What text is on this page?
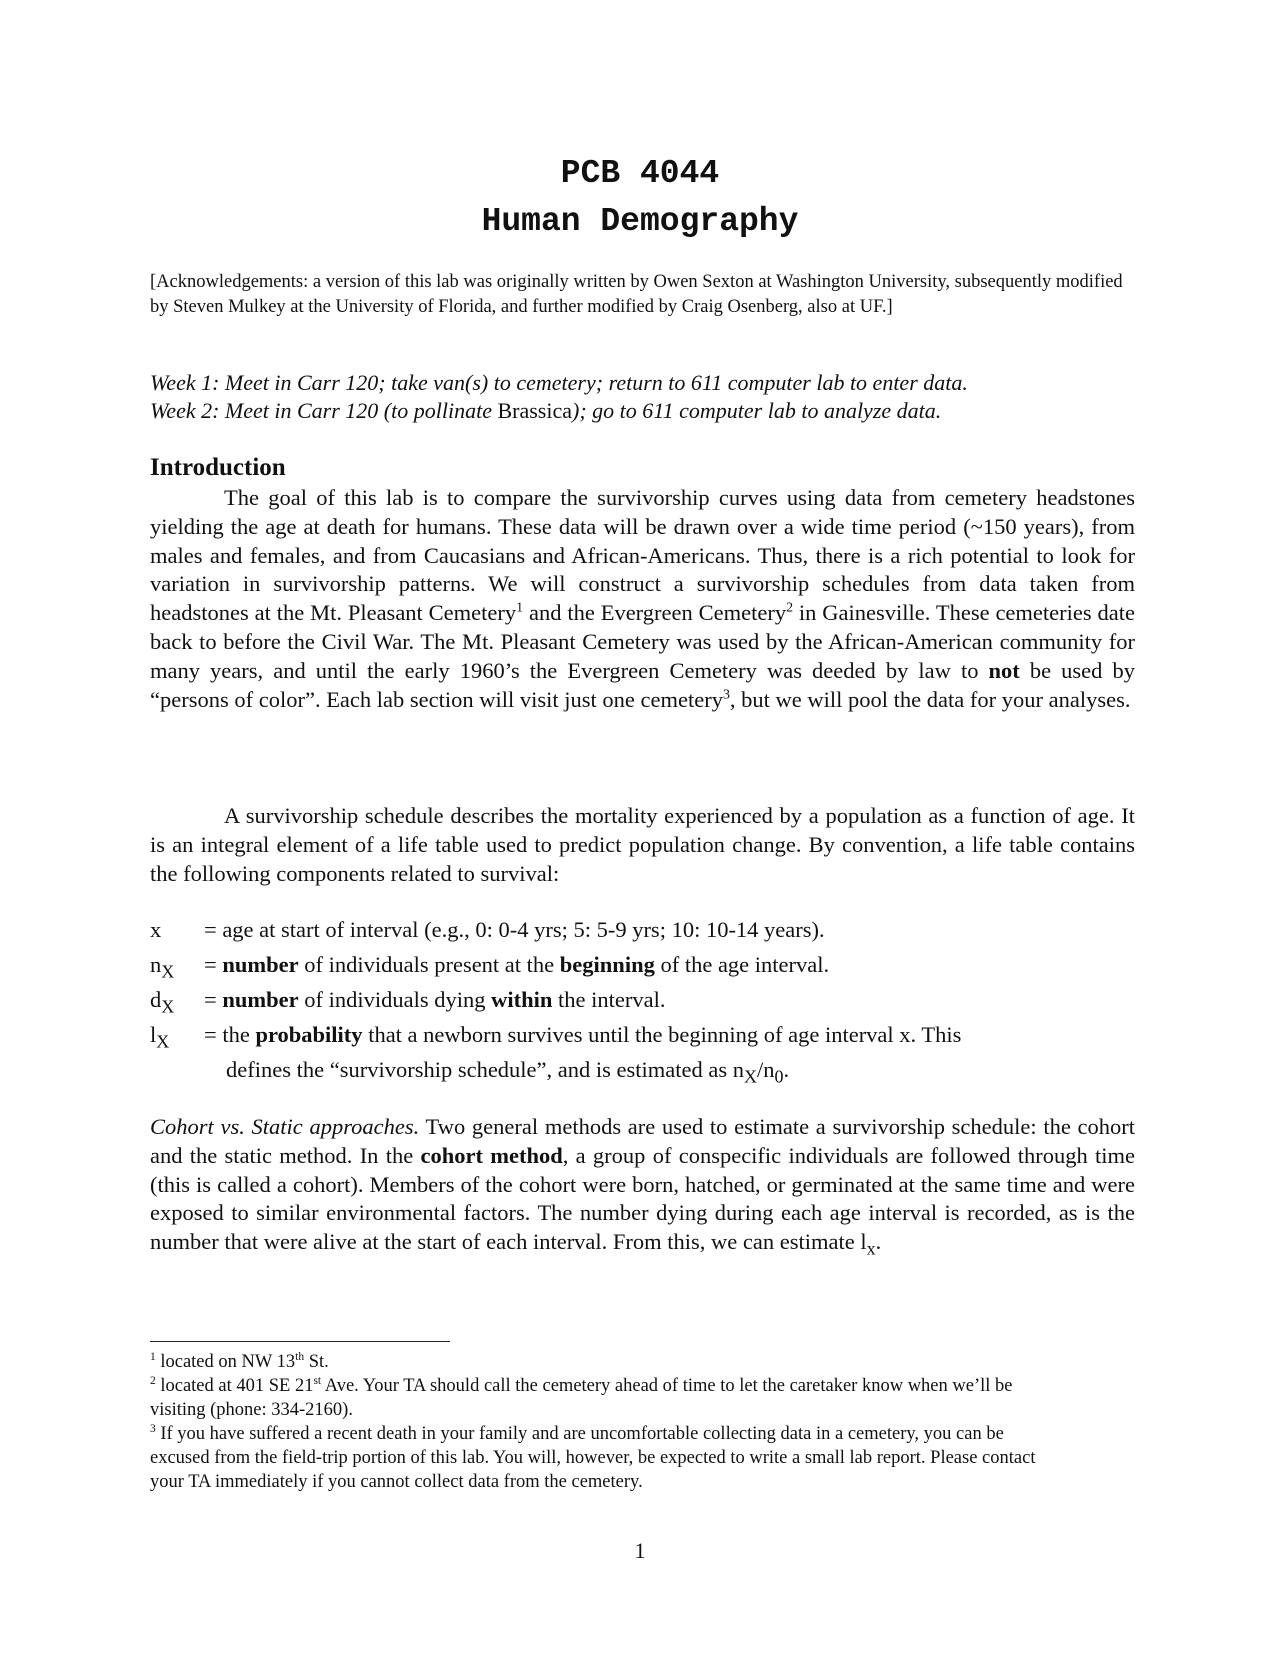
PCB 4044
Human Demography
[Acknowledgements: a version of this lab was originally written by Owen Sexton at Washington University, subsequently modified by Steven Mulkey at the University of Florida, and further modified by Craig Osenberg, also at UF.]
Week 1: Meet in Carr 120; take van(s) to cemetery; return to 611 computer lab to enter data.
Week 2: Meet in Carr 120 (to pollinate Brassica); go to 611 computer lab to analyze data.
Introduction
The goal of this lab is to compare the survivorship curves using data from cemetery headstones yielding the age at death for humans. These data will be drawn over a wide time period (~150 years), from males and females, and from Caucasians and African-Americans. Thus, there is a rich potential to look for variation in survivorship patterns. We will construct a survivorship schedules from data taken from headstones at the Mt. Pleasant Cemetery$^1$ and the Evergreen Cemetery$^2$ in Gainesville. These cemeteries date back to before the Civil War. The Mt. Pleasant Cemetery was used by the African-American community for many years, and until the early 1960’s the Evergreen Cemetery was deeded by law to not be used by “persons of color”. Each lab section will visit just one cemetery$^3$, but we will pool the data for your analyses.
A survivorship schedule describes the mortality experienced by a population as a function of age. It is an integral element of a life table used to predict population change. By convention, a life table contains the following components related to survival:
x = age at start of interval (e.g., 0: 0-4 yrs; 5: 5-9 yrs; 10: 10-14 years).
$n_X$ = number of individuals present at the beginning of the age interval.
$d_X$ = number of individuals dying within the interval.
$l_X$ = the probability that a newborn survives until the beginning of age interval x. This
defines the “survivorship schedule”, and is estimated as $n_X/n_0$.
Cohort vs. Static approaches. Two general methods are used to estimate a survivorship schedule: the cohort and the static method. In the cohort method, a group of conspecific individuals are followed through time (this is called a cohort). Members of the cohort were born, hatched, or germinated at the same time and were exposed to similar environmental factors. The number dying during each age interval is recorded, as is the number that were alive at the start of each interval. From this, we can estimate $l_x$.

$^1$ located on NW 13th St.

$^2$ located at 401 SE 21st Ave. Your TA should call the cemetery ahead of time to let the caretaker know when we’ll be visiting (phone: 334-2160).

$^3$ If you have suffered a recent death in your family and are uncomfortable collecting data in a cemetery, you can be excused from the field-trip portion of this lab. You will, however, be expected to write a small lab report. Please contact your TA immediately if you cannot collect data from the cemetery.

1
